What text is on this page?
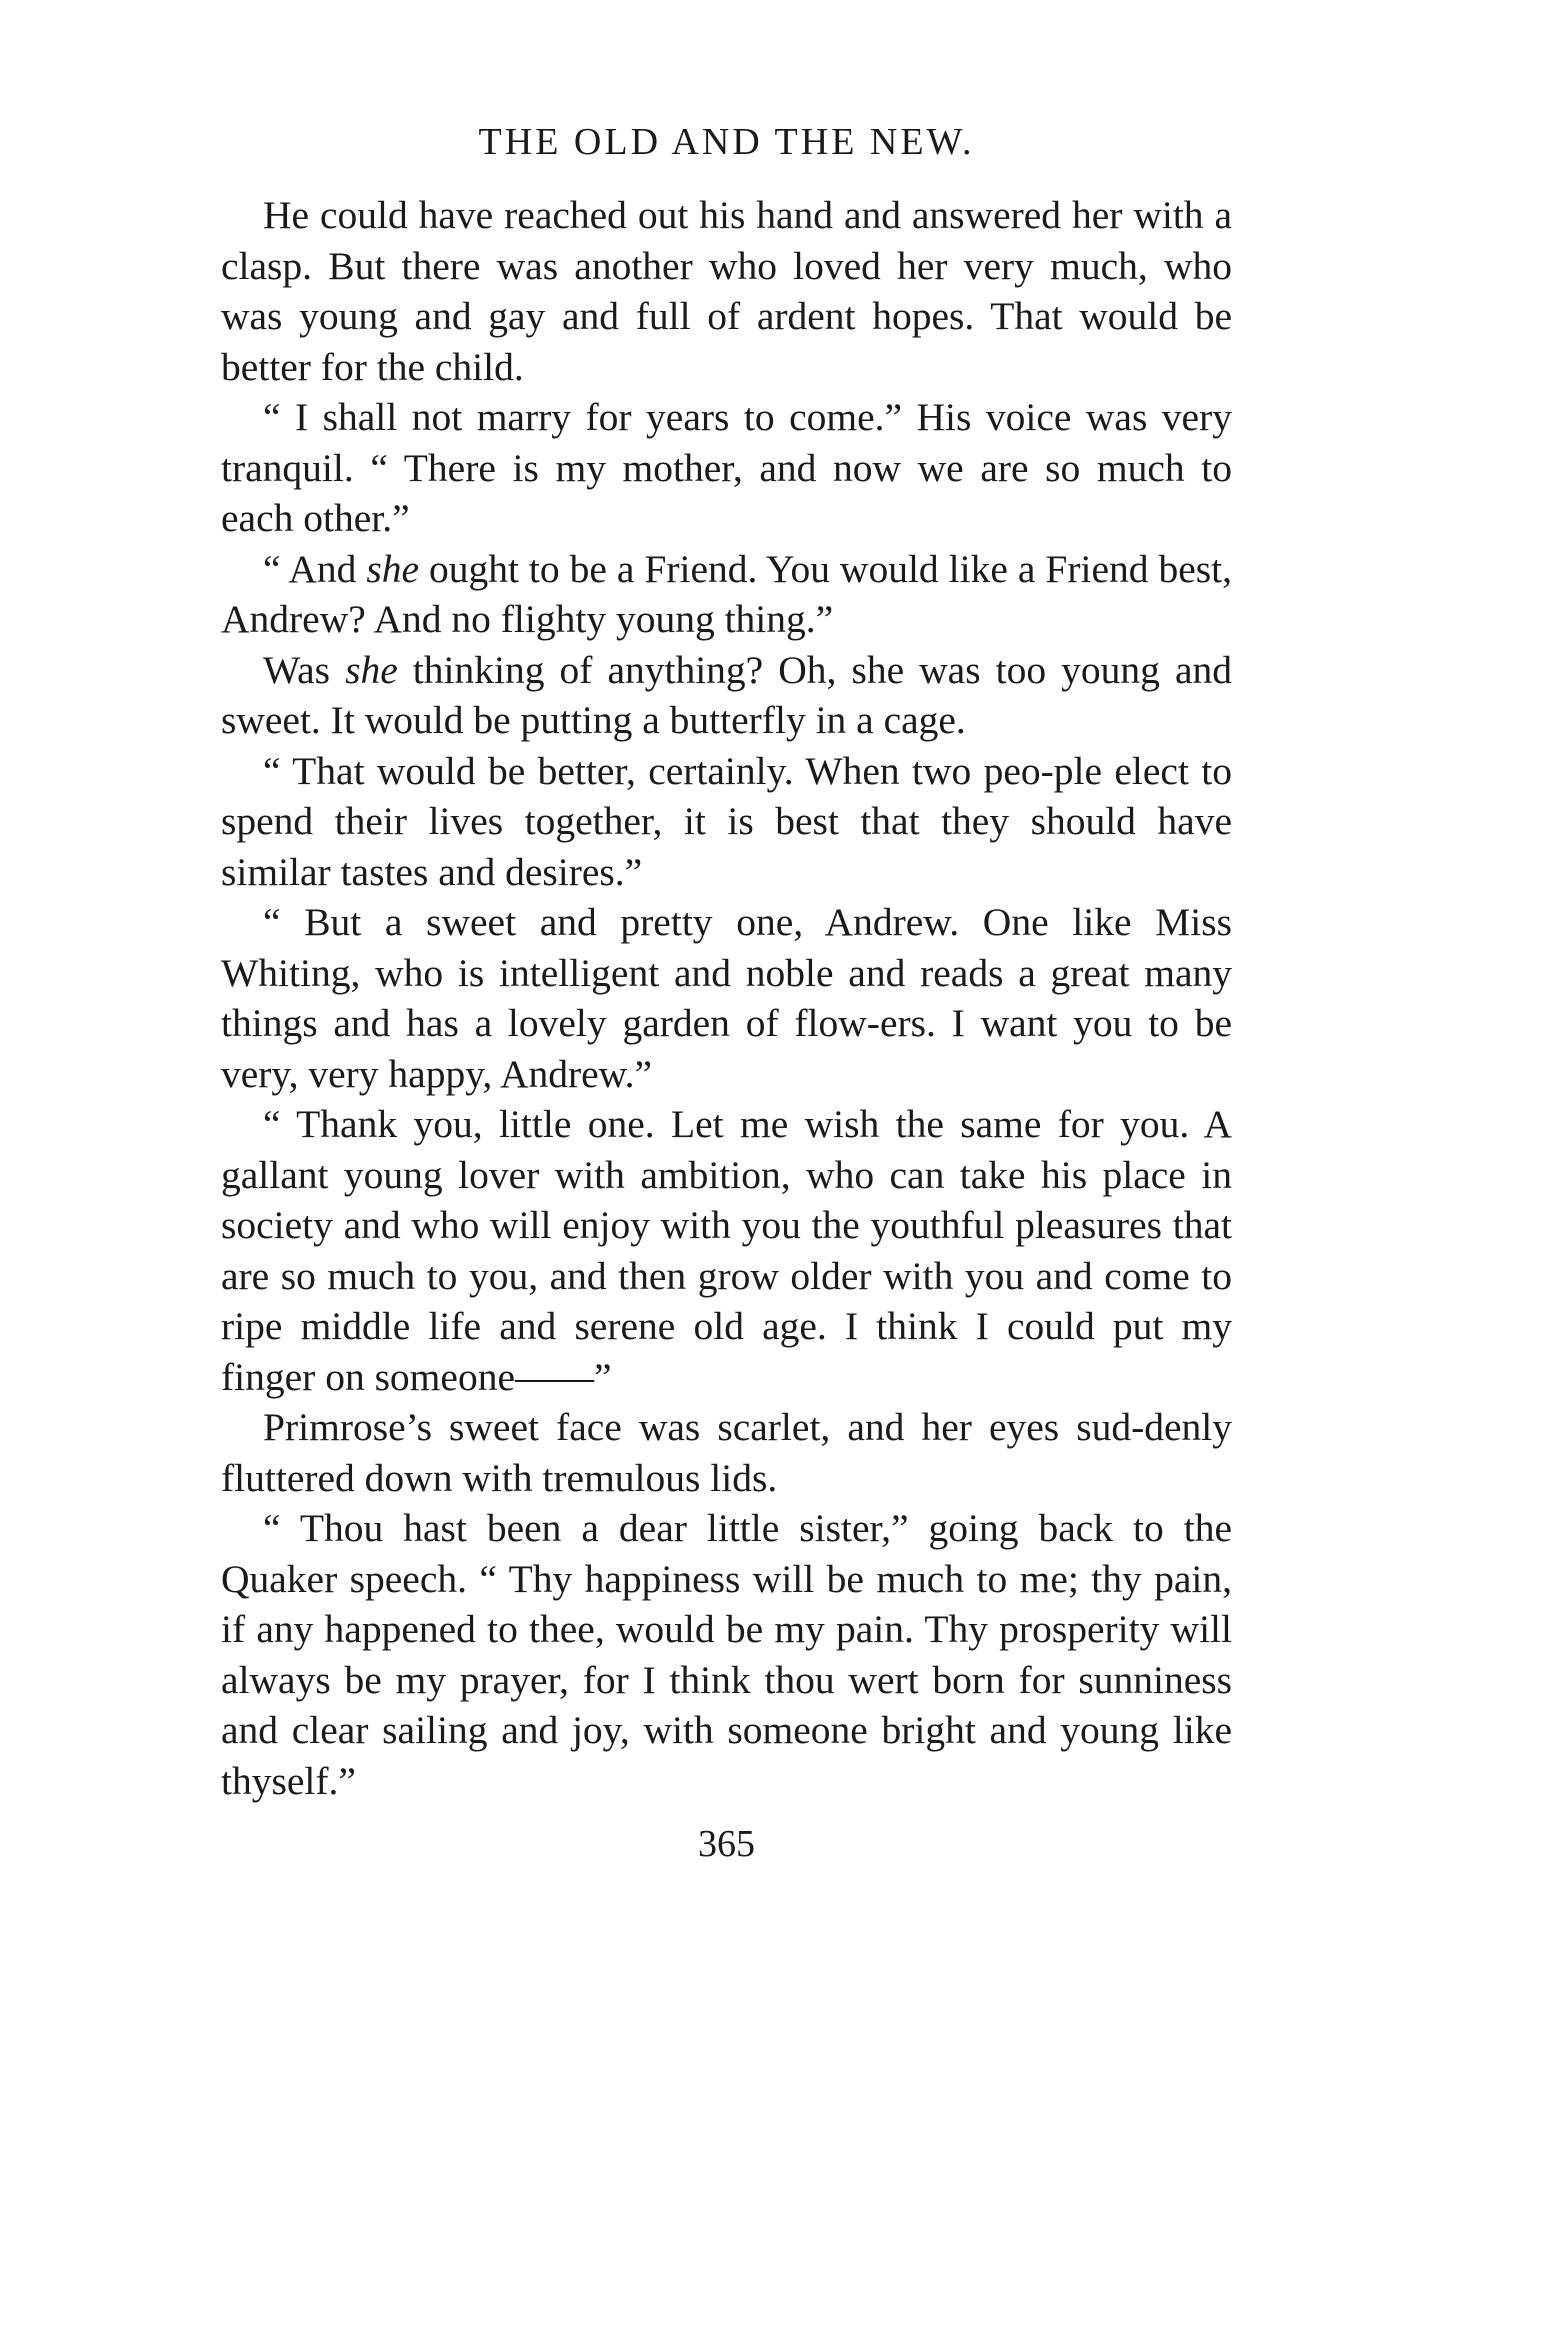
THE OLD AND THE NEW.

He could have reached out his hand and answered her with a clasp. But there was another who loved her very much, who was young and gay and full of ardent hopes. That would be better for the child.

“ I shall not marry for years to come.” His voice was very tranquil. “ There is my mother, and now we are so much to each other.”

“ And she ought to be a Friend. You would like a Friend best, Andrew? And no flighty young thing.”

Was she thinking of anything? Oh, she was too young and sweet. It would be putting a butterfly in a cage.

“ That would be better, certainly. When two peo-ple elect to spend their lives together, it is best that they should have similar tastes and desires.”

“ But a sweet and pretty one, Andrew. One like Miss Whiting, who is intelligent and noble and reads a great many things and has a lovely garden of flow-ers. I want you to be very, very happy, Andrew.”

“ Thank you, little one. Let me wish the same for you. A gallant young lover with ambition, who can take his place in society and who will enjoy with you the youthful pleasures that are so much to you, and then grow older with you and come to ripe middle life and serene old age. I think I could put my finger on someone——”

Primrose’s sweet face was scarlet, and her eyes sud-denly fluttered down with tremulous lids.

“ Thou hast been a dear little sister,” going back to the Quaker speech. “ Thy happiness will be much to me; thy pain, if any happened to thee, would be my pain. Thy prosperity will always be my prayer, for I think thou wert born for sunniness and clear sailing and joy, with someone bright and young like thyself.”

365
